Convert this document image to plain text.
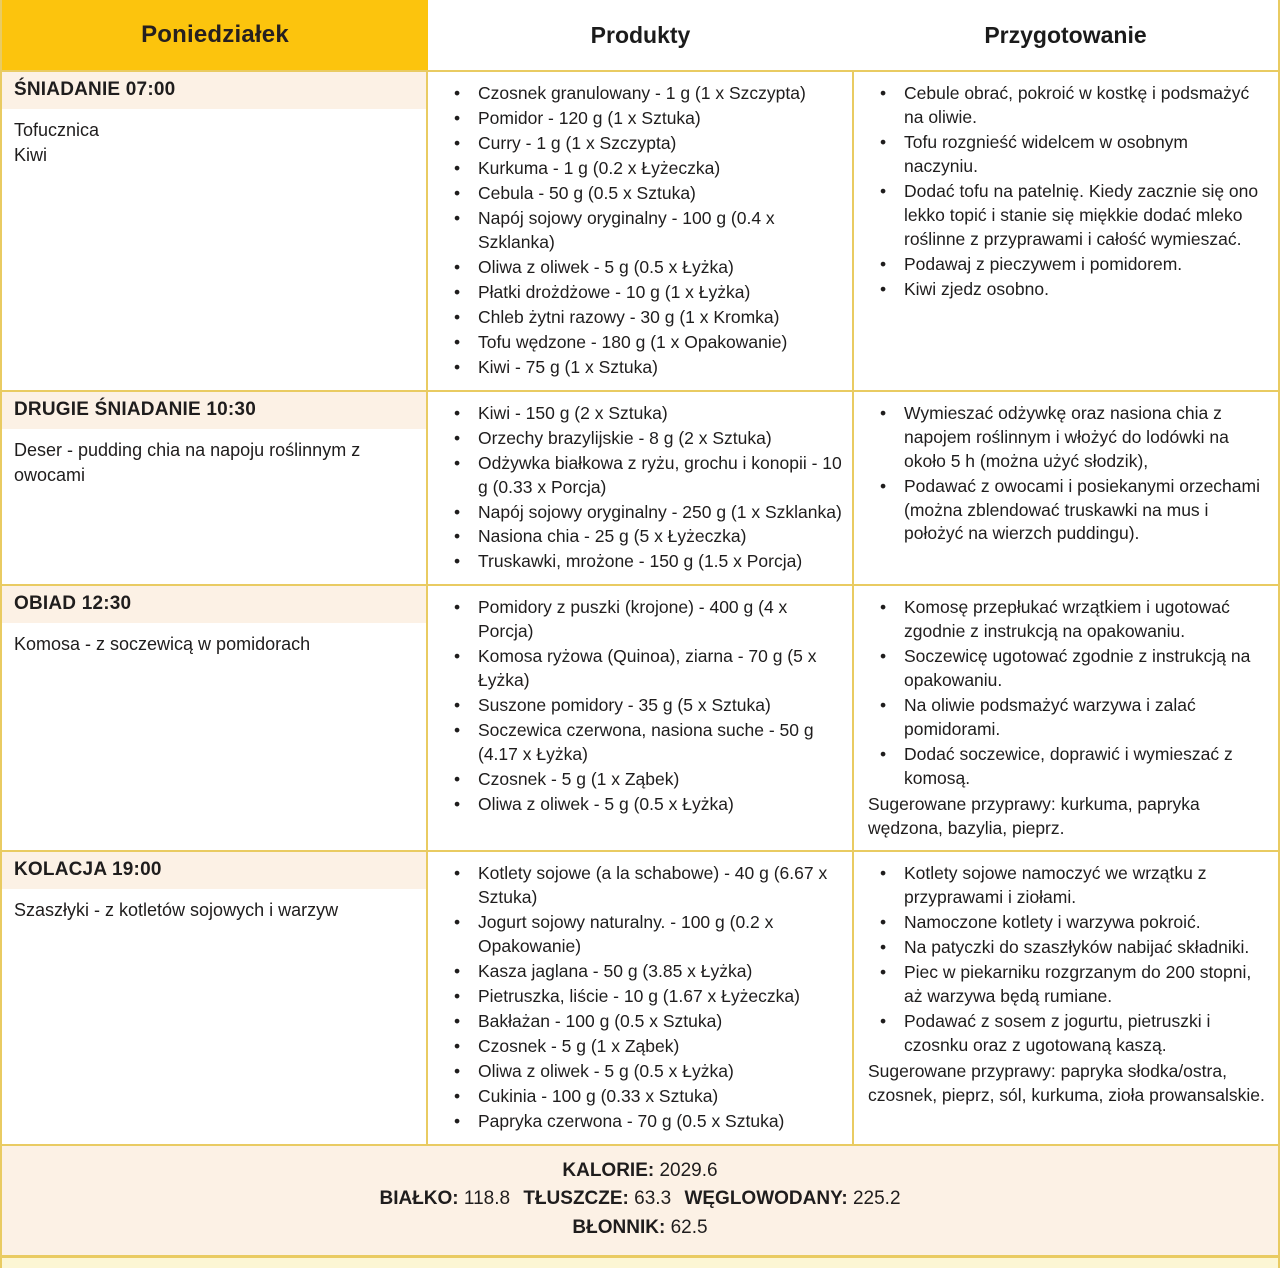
Poniedziałek	Produkty	Przygotowanie
ŚNIADANIE 07:00
Tofucznica
Kiwi
• Czosnek granulowany - 1 g (1 x Szczypta)
• Pomidor - 120 g (1 x Sztuka)
• Curry - 1 g (1 x Szczypta)
• Kurkuma - 1 g (0.2 x Łyżeczka)
• Cebula - 50 g (0.5 x Sztuka)
• Napój sojowy oryginalny - 100 g (0.4 x Szklanka)
• Oliwa z oliwek - 5 g (0.5 x Łyżka)
• Płatki drożdżowe - 10 g (1 x Łyżka)
• Chleb żytni razowy - 30 g (1 x Kromka)
• Tofu wędzone - 180 g (1 x Opakowanie)
• Kiwi - 75 g (1 x Sztuka)
• Cebule obrać, pokroić w kostkę i podsmażyć na oliwie.
• Tofu rozgnieść widelcem w osobnym naczyniu.
• Dodać tofu na patelnię. Kiedy zacznie się ono lekko topić i stanie się miękkie dodać mleko roślinne z przyprawami i całość wymieszać.
• Podawaj z pieczywem i pomidorem.
• Kiwi zjedz osobno.
DRUGIE ŚNIADANIE 10:30
Deser - pudding chia na napoju roślinnym z owocami
• Kiwi - 150 g (2 x Sztuka)
• Orzechy brazylijskie - 8 g (2 x Sztuka)
• Odżywka białkowa z ryżu, grochu i konopii - 10 g (0.33 x Porcja)
• Napój sojowy oryginalny - 250 g (1 x Szklanka)
• Nasiona chia - 25 g (5 x Łyżeczka)
• Truskawki, mrożone - 150 g (1.5 x Porcja)
• Wymieszać odżywkę oraz nasiona chia z napojem roślinnym i włożyć do lodówki na około 5 h (można użyć słodzik),
• Podawać z owocami i posiekanymi orzechami (można zblendować truskawki na mus i położyć na wierzch puddingu).
OBIAD 12:30
Komosa - z soczewicą w pomidorach
• Pomidory z puszki (krojone) - 400 g (4 x Porcja)
• Komosa ryżowa (Quinoa), ziarna - 70 g (5 x Łyżka)
• Suszone pomidory - 35 g (5 x Sztuka)
• Soczewica czerwona, nasiona suche - 50 g (4.17 x Łyżka)
• Czosnek - 5 g (1 x Ząbek)
• Oliwa z oliwek - 5 g (0.5 x Łyżka)
• Komosę przepłukać wrzątkiem i ugotować zgodnie z instrukcją na opakowaniu.
• Soczewicę ugotować zgodnie z instrukcją na opakowaniu.
• Na oliwie podsmażyć warzywa i zalać pomidorami.
• Dodać soczewice, doprawić i wymieszać z komosą.
Sugerowane przyprawy: kurkuma, papryka wędzona, bazylia, pieprz.
KOLACJA 19:00
Szaszłyki - z kotletów sojowych i warzyw
• Kotlety sojowe (a la schabowe) - 40 g (6.67 x Sztuka)
• Jogurt sojowy naturalny. - 100 g (0.2 x Opakowanie)
• Kasza jaglana - 50 g (3.85 x Łyżka)
• Pietruszka, liście - 10 g (1.67 x Łyżeczka)
• Bakłażan - 100 g (0.5 x Sztuka)
• Czosnek - 5 g (1 x Ząbek)
• Oliwa z oliwek - 5 g (0.5 x Łyżka)
• Cukinia - 100 g (0.33 x Sztuka)
• Papryka czerwona - 70 g (0.5 x Sztuka)
• Kotlety sojowe namoczyć we wrzątku z przyprawami i ziołami.
• Namoczone kotlety i warzywa pokroić.
• Na patyczki do szaszłyków nabijać składniki.
• Piec w piekarniku rozgrzanym do 200 stopni, aż warzywa będą rumiane.
• Podawać z sosem z jogurtu, pietruszki i czosnku oraz z ugotowaną kaszą.
Sugerowane przyprawy: papryka słodka/ostra, czosnek, pieprz, sól, kurkuma, zioła prowansalskie.
KALORIE: 2029.6
BIAŁKO: 118.8 TŁUSZCZE: 63.3 WĘGLOWODANY: 225.2
BŁONNIK: 62.5
